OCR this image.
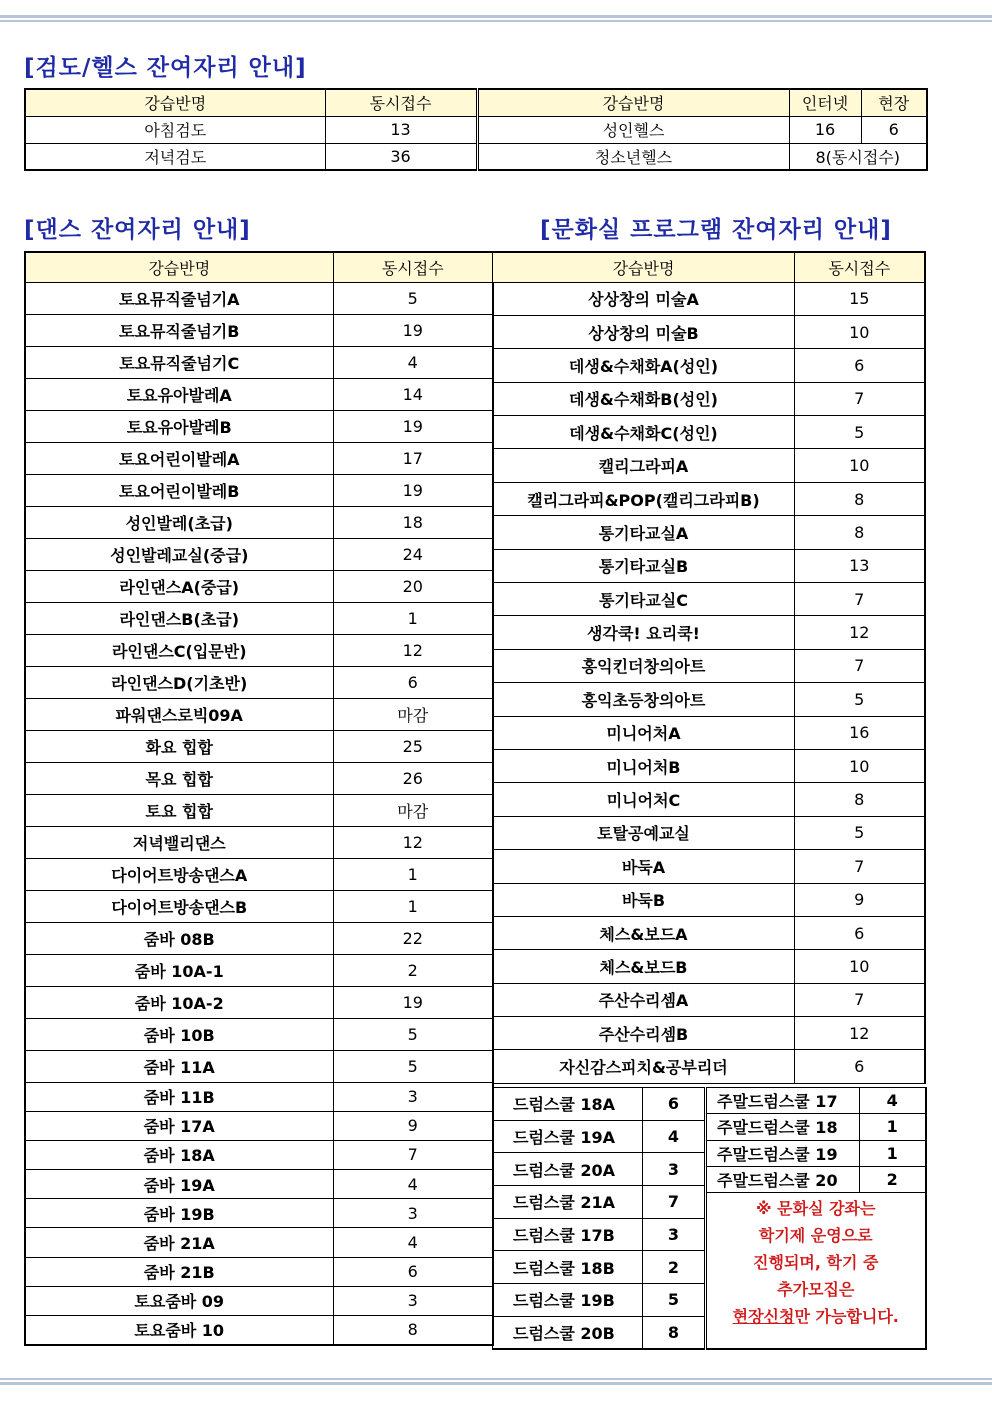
[검도/헬스 잔여자리 안내]
강습반명	동시접수	강습반명	인터넷	현장
아침검도	13	성인헬스	16	6
저녁검도	36	청소년헬스	8(동시접수)	
[댄스 잔여자리 안내]	[문화실 프로그램 잔여자리 안내]
강습반명	동시접수
토요뮤직줄넘기A	5
토요뮤직줄넘기B	19
토요뮤직줄넘기C	4
토요유아발레A	14
토요유아발레B	19
토요어린이발레A	17
토요어린이발레B	19
성인발레(초급)	18
성인발레교실(중급)	24
라인댄스A(중급)	20
라인댄스B(초급)	1
라인댄스C(입문반)	12
라인댄스D(기초반)	6
파워댄스로빅09A	마감
화요 힙합	25
목요 힙합	26
토요 힙합	마감
저녁밸리댄스	12
다이어트방송댄스A	1
다이어트방송댄스B	1
줌바 08B	22
줌바 10A-1	2
줌바 10A-2	19
줌바 10B	5
줌바 11A	5
줌바 11B	3
줌바 17A	9
줌바 18A	7
줌바 19A	4
줌바 19B	3
줌바 21A	4
줌바 21B	6
토요줌바 09	3
토요줌바 10	8
강습반명	동시접수
상상창의 미술A	15
상상창의 미술B	10
데생&수채화A(성인)	6
데생&수채화B(성인)	7
데생&수채화C(성인)	5
캘리그라피A	10
캘리그라피&POP(캘리그라피B)	8
통기타교실A	8
통기타교실B	13
통기타교실C	7
생각쿡! 요리쿡!	12
홍익킨더창의아트	7
홍익초등창의아트	5
미니어처A	16
미니어처B	10
미니어처C	8
토탈공예교실	5
바둑A	7
바둑B	9
체스&보드A	6
체스&보드B	10
주산수리셈A	7
주산수리셈B	12
자신감스피치&공부리더	6
드럼스쿨 18A	6
드럼스쿨 19A	4
드럼스쿨 20A	3
드럼스쿨 21A	7
드럼스쿨 17B	3
드럼스쿨 18B	2
드럼스쿨 19B	5
드럼스쿨 20B	8
주말드럼스쿨 17	4
주말드럼스쿨 18	1
주말드럼스쿨 19	1
주말드럼스쿨 20	2

※ 문화실 강좌는
학기제 운영으로
진행되며, 학기 중
추가모집은
현장신청만 가능합니다.	
